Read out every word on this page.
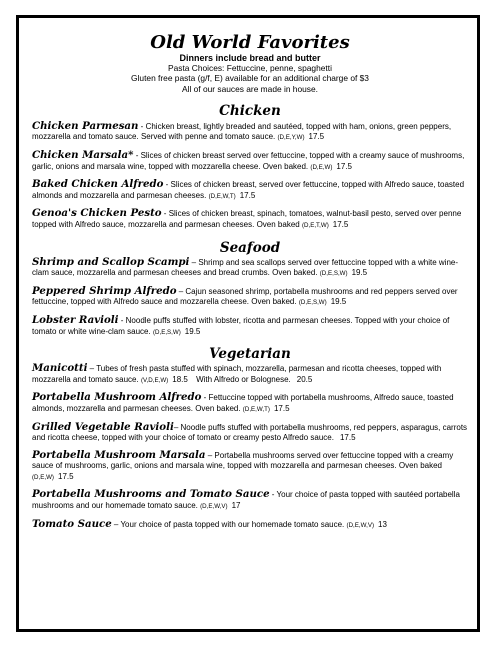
Old World Favorites
Dinners include bread and butter
Pasta Choices: Fettuccine, penne, spaghetti
Gluten free pasta (g/f, E) available for an additional charge of $3
All of our sauces are made in house.
Chicken
Chicken Parmesan - Chicken breast, lightly breaded and sautéed, topped with ham, onions, green peppers, mozzarella and tomato sauce. Served with penne and tomato sauce. (D,E,Y,W) 17.5
Chicken Marsala* - Slices of chicken breast served over fettuccine, topped with a creamy sauce of mushrooms, garlic, onions and marsala wine, topped with mozzarella cheese. Oven baked. (D,E,W) 17.5
Baked Chicken Alfredo - Slices of chicken breast, served over fettuccine, topped with Alfredo sauce, toasted almonds and mozzarella and parmesan cheeses. (D,E,W,T) 17.5
Genoa's Chicken Pesto - Slices of chicken breast, spinach, tomatoes, walnut-basil pesto, served over penne topped with Alfredo sauce, mozzarella and parmesan cheeses. Oven baked (D,E,T,W) 17.5
Seafood
Shrimp and Scallop Scampi – Shrimp and sea scallops served over fettuccine topped with a white wine-clam sauce, mozzarella and parmesan cheeses and bread crumbs. Oven baked. (D,E,S,W) 19.5
Peppered Shrimp Alfredo – Cajun seasoned shrimp, portabella mushrooms and red peppers served over fettuccine, topped with Alfredo sauce and mozzarella cheese. Oven baked. (D,E,S,W) 19.5
Lobster Ravioli - Noodle puffs stuffed with lobster, ricotta and parmesan cheeses. Topped with your choice of tomato or white wine-clam sauce. (D,E,S,W) 19.5
Vegetarian
Manicotti – Tubes of fresh pasta stuffed with spinach, mozzarella, parmesan and ricotta cheeses, topped with mozzarella and tomato sauce. (V,D,E,W) 18.5 With Alfredo or Bolognese. 20.5
Portabella Mushroom Alfredo - Fettuccine topped with portabella mushrooms, Alfredo sauce, toasted almonds, mozzarella and parmesan cheeses. Oven baked. (D,E,W,T) 17.5
Grilled Vegetable Ravioli– Noodle puffs stuffed with portabella mushrooms, red peppers, asparagus, carrots and ricotta cheese, topped with your choice of tomato or creamy pesto Alfredo sauce. 17.5
Portabella Mushroom Marsala – Portabella mushrooms served over fettuccine topped with a creamy sauce of mushrooms, garlic, onions and marsala wine, topped with mozzarella and parmesan cheeses. Oven baked (D,E,W) 17.5
Portabella Mushrooms and Tomato Sauce - Your choice of pasta topped with sautéed portabella mushrooms and our homemade tomato sauce. (D,E,W,V) 17
Tomato Sauce – Your choice of pasta topped with our homemade tomato sauce. (D,E,W,V) 13
